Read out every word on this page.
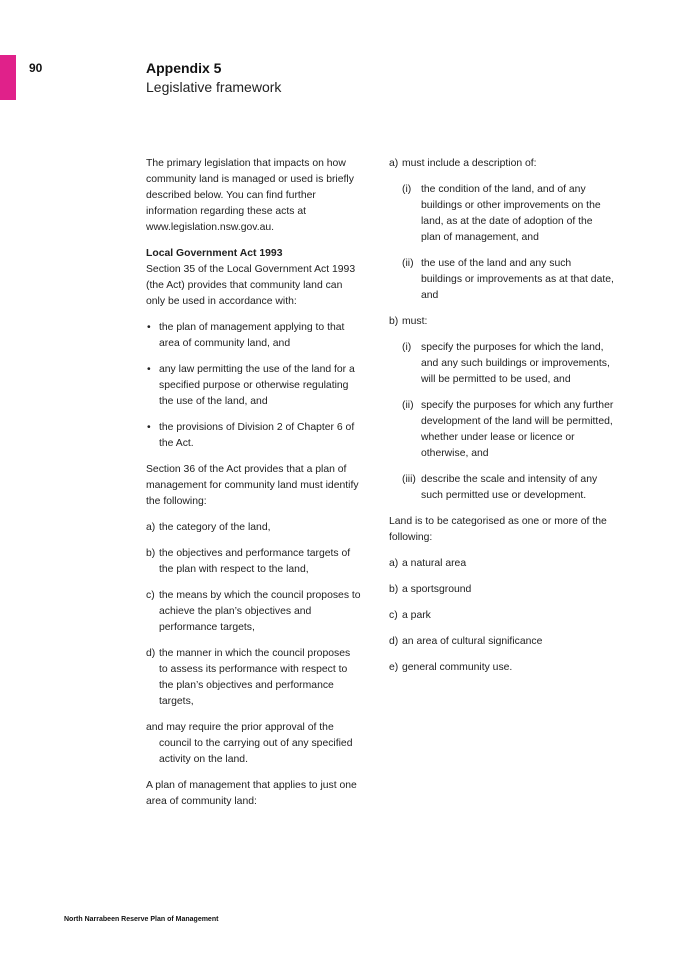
90	Appendix 5
Legislative framework

The primary legislation that impacts on how community land is managed or used is briefly described below. You can find further information regarding these acts at www.legislation.nsw.gov.au.

Local Government Act 1993

Section 35 of the Local Government Act 1993 (the Act) provides that community land can only be used in accordance with:

• the plan of management applying to that area of community land, and
• any law permitting the use of the land for a specified purpose or otherwise regulating the use of the land, and
• the provisions of Division 2 of Chapter 6 of the Act.

Section 36 of the Act provides that a plan of management for community land must identify the following:

a) the category of the land,
b) the objectives and performance targets of the plan with respect to the land,
c) the means by which the council proposes to achieve the plan’s objectives and performance targets,
d) the manner in which the council proposes to assess its performance with respect to the plan’s objectives and performance targets,

and may require the prior approval of the council to the carrying out of any specified activity on the land.

A plan of management that applies to just one area of community land:

a) must include a description of:
(i) the condition of the land, and of any buildings or other improvements on the land, as at the date of adoption of the plan of management, and
(ii) the use of the land and any such buildings or improvements as at that date, and
b) must:
(i) specify the purposes for which the land, and any such buildings or improvements, will be permitted to be used, and
(ii) specify the purposes for which any further development of the land will be permitted, whether under lease or licence or otherwise, and
(iii) describe the scale and intensity of any such permitted use or development.

Land is to be categorised as one or more of the following:

a) a natural area
b) a sportsground
c) a park
d) an area of cultural significance
e) general community use.
North Narrabeen Reserve Plan of Management
